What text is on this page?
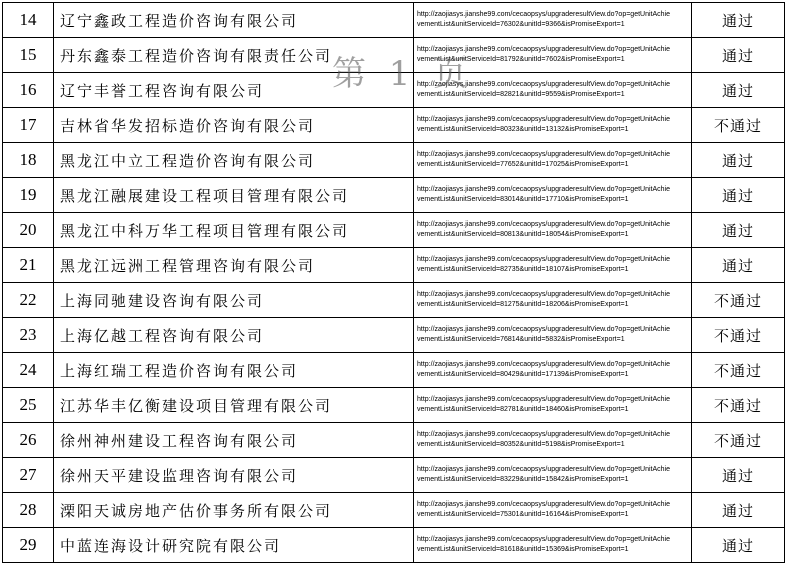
14	辽宁鑫政工程造价咨询有限公司	http://zaojiasys.jianshe99.com/cecaopsys/upgraderesultView.do?op=getUnitAchie
vementList&unitServiceId=76302&unitId=9366&isPromiseExport=1	通过
15	丹东鑫泰工程造价咨询有限责任公司	http://zaojiasys.jianshe99.com/cecaopsys/upgraderesultView.do?op=getUnitAchie
vementList&unitServiceId=81792&unitId=7602&isPromiseExport=1	通过
16	辽宁丰誉工程咨询有限公司	http://zaojiasys.jianshe99.com/cecaopsys/upgraderesultView.do?op=getUnitAchie
vementList&unitServiceId=82821&unitId=9559&isPromiseExport=1	通过
17	吉林省华发招标造价咨询有限公司	http://zaojiasys.jianshe99.com/cecaopsys/upgraderesultView.do?op=getUnitAchie
vementList&unitServiceId=80323&unitId=13132&isPromiseExport=1	不通过
18	黑龙江中立工程造价咨询有限公司	http://zaojiasys.jianshe99.com/cecaopsys/upgraderesultView.do?op=getUnitAchie
vementList&unitServiceId=77652&unitId=17025&isPromiseExport=1	通过
19	黑龙江融展建设工程项目管理有限公司	http://zaojiasys.jianshe99.com/cecaopsys/upgraderesultView.do?op=getUnitAchie
vementList&unitServiceId=83014&unitId=17710&isPromiseExport=1	通过
20	黑龙江中科万华工程项目管理有限公司	http://zaojiasys.jianshe99.com/cecaopsys/upgraderesultView.do?op=getUnitAchie
vementList&unitServiceId=80813&unitId=18054&isPromiseExport=1	通过
21	黑龙江远洲工程管理咨询有限公司	http://zaojiasys.jianshe99.com/cecaopsys/upgraderesultView.do?op=getUnitAchie
vementList&unitServiceId=82735&unitId=18107&isPromiseExport=1	通过
22	上海同驰建设咨询有限公司	http://zaojiasys.jianshe99.com/cecaopsys/upgraderesultView.do?op=getUnitAchie
vementList&unitServiceId=81275&unitId=18206&isPromiseExport=1	不通过
23	上海亿越工程咨询有限公司	http://zaojiasys.jianshe99.com/cecaopsys/upgraderesultView.do?op=getUnitAchie
vementList&unitServiceId=76814&unitId=5832&isPromiseExport=1	不通过
24	上海红瑞工程造价咨询有限公司	http://zaojiasys.jianshe99.com/cecaopsys/upgraderesultView.do?op=getUnitAchie
vementList&unitServiceId=80429&unitId=17139&isPromiseExport=1	不通过
25	江苏华丰亿衡建设项目管理有限公司	http://zaojiasys.jianshe99.com/cecaopsys/upgraderesultView.do?op=getUnitAchie
vementList&unitServiceId=82781&unitId=18460&isPromiseExport=1	不通过
26	徐州神州建设工程咨询有限公司	http://zaojiasys.jianshe99.com/cecaopsys/upgraderesultView.do?op=getUnitAchie
vementList&unitServiceId=80352&unitId=5198&isPromiseExport=1	不通过
27	徐州天平建设监理咨询有限公司	http://zaojiasys.jianshe99.com/cecaopsys/upgraderesultView.do?op=getUnitAchie
vementList&unitServiceId=83229&unitId=15842&isPromiseExport=1	通过
28	溧阳天诚房地产估价事务所有限公司	http://zaojiasys.jianshe99.com/cecaopsys/upgraderesultView.do?op=getUnitAchie
vementList&unitServiceId=75301&unitId=16164&isPromiseExport=1	通过
29	中蓝连海设计研究院有限公司	http://zaojiasys.jianshe99.com/cecaopsys/upgraderesultView.do?op=getUnitAchie
vementList&unitServiceId=81618&unitId=15369&isPromiseExport=1	通过
第 1 页
